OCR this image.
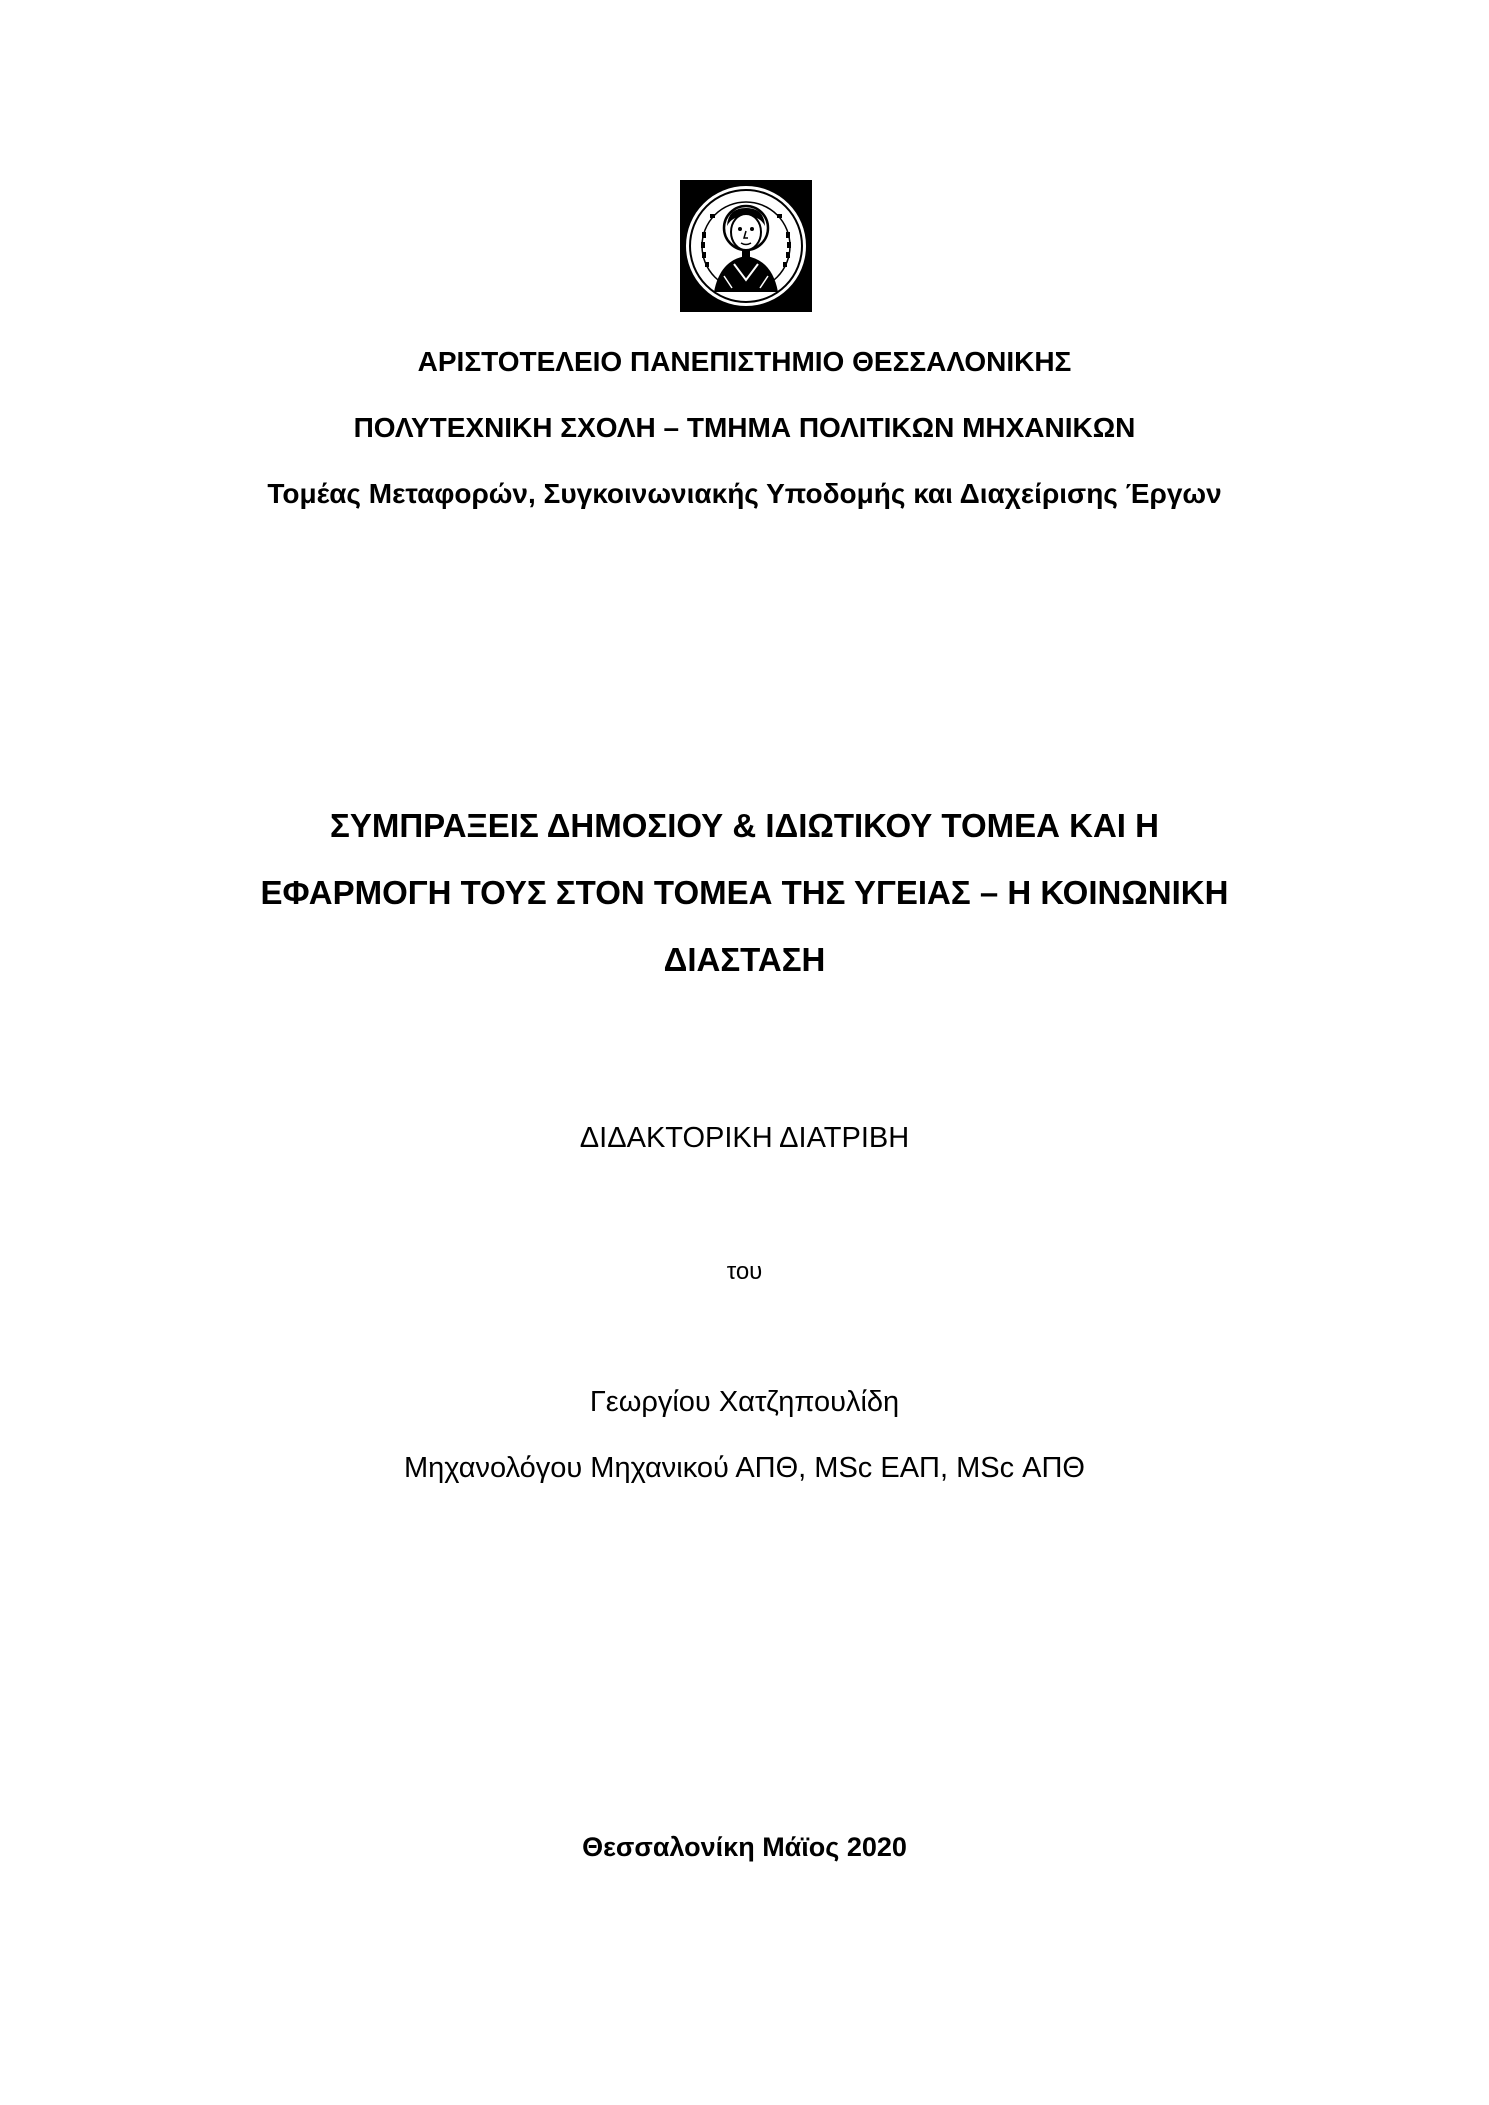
ΑΡΙΣΤΟΤΕΛΕΙΟ ΠΑΝΕΠΙΣΤΗΜΙΟ ΘΕΣΣΑΛΟΝΙΚΗΣ

ΠΟΛΥΤΕΧΝΙΚΗ ΣΧΟΛΗ – ΤΜΗΜΑ ΠΟΛΙΤΙΚΩΝ ΜΗΧΑΝΙΚΩΝ

Τομέας Μεταφορών, Συγκοινωνιακής Υποδομής και Διαχείρισης Έργων

ΣΥΜΠΡΑΞΕΙΣ ΔΗΜΟΣΙΟΥ & ΙΔΙΩΤΙΚΟΥ ΤΟΜΕΑ ΚΑΙ Η
ΕΦΑΡΜΟΓΗ ΤΟΥΣ ΣΤΟΝ ΤΟΜΕΑ ΤΗΣ ΥΓΕΙΑΣ – Η ΚΟΙΝΩΝΙΚΗ
ΔΙΑΣΤΑΣΗ

ΔΙΔΑΚΤΟΡΙΚΗ ΔΙΑΤΡΙΒΗ

του

Γεωργίου Χατζηπουλίδη

Μηχανολόγου Μηχανικού ΑΠΘ, MSc ΕΑΠ, MSc ΑΠΘ

Θεσσαλονίκη Μάϊος 2020
